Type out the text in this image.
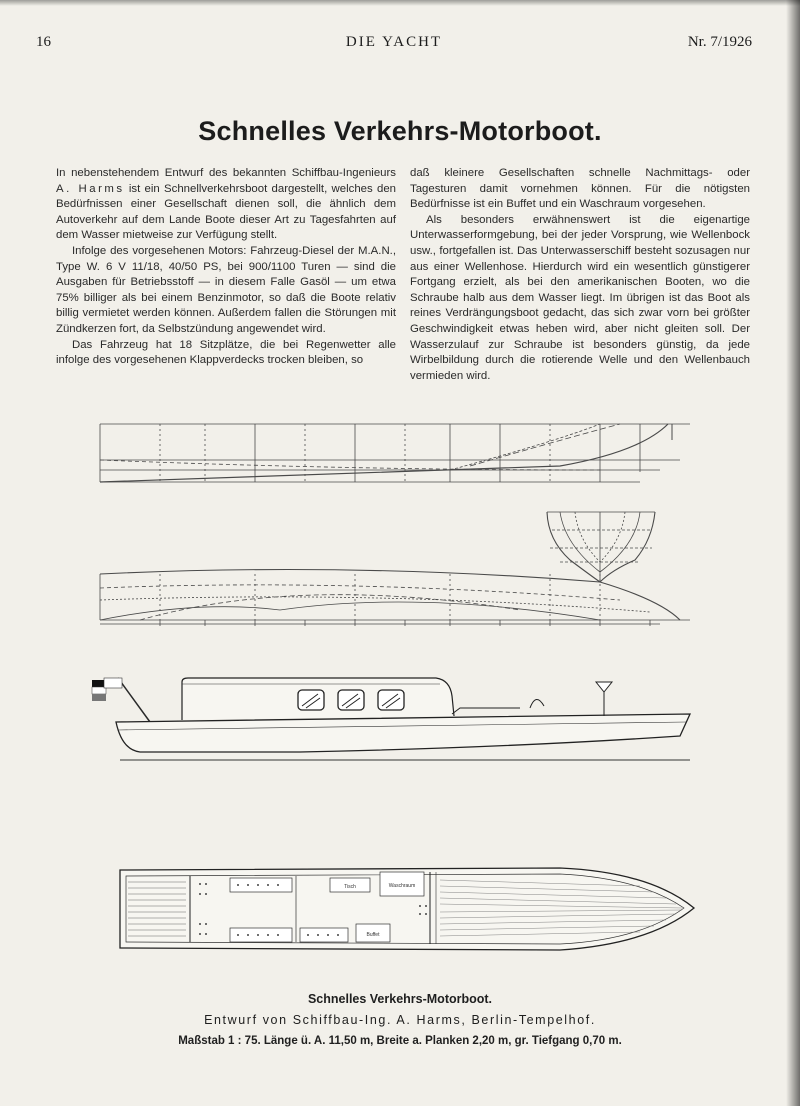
16	DIE YACHT	Nr. 7/1926
Schnelles Verkehrs-Motorboot.

In nebenstehendem Entwurf des bekannten Schiffbau-Ingenieurs A. Harms ist ein Schnellverkehrsboot dargestellt, welches den Bedürfnissen einer Gesellschaft dienen soll, die ähnlich dem Autoverkehr auf dem Lande Boote dieser Art zu Tagesfahrten auf dem Wasser mietweise zur Verfügung stellt.

Infolge des vorgesehenen Motors: Fahrzeug-Diesel der M.A.N., Type W. 6 V 11/18, 40/50 PS, bei 900/1100 Turen — sind die Ausgaben für Betriebsstoff — in diesem Falle Gasöl — um etwa 75% billiger als bei einem Benzinmotor, so daß die Boote relativ billig vermietet werden können. Außerdem fallen die Störungen mit Zündkerzen fort, da Selbstzündung angewendet wird.

Das Fahrzeug hat 18 Sitzplätze, die bei Regenwetter alle infolge des vorgesehenen Klappverdecks trocken bleiben, so

daß kleinere Gesellschaften schnelle Nachmittags- oder Tagesturen damit vornehmen können. Für die nötigsten Bedürfnisse ist ein Buffet und ein Waschraum vorgesehen.

Als besonders erwähnenswert ist die eigenartige Unterwasserformgebung, bei der jeder Vorsprung, wie Wellenbock usw., fortgefallen ist. Das Unterwasserschiff besteht sozusagen nur aus einer Wellenhose. Hierdurch wird ein wesentlich günstigerer Fortgang erzielt, als bei den amerikanischen Booten, wo die Schraube halb aus dem Wasser liegt. Im übrigen ist das Boot als reines Verdrängungsboot gedacht, das sich zwar vorn bei größter Geschwindigkeit etwas heben wird, aber nicht gleiten soll. Der Wasserzulauf zur Schraube ist besonders günstig, da jede Wirbelbildung durch die rotierende Welle und den Wellenbauch vermieden wird.

Tisch	Waschraum
Buffet
Schnelles Verkehrs-Motorboot.
Entwurf von Schiffbau-Ing. A. Harms, Berlin-Tempelhof.
Maßstab 1 : 75. Länge ü. A. 11,50 m, Breite a. Planken 2,20 m, gr. Tiefgang 0,70 m.
